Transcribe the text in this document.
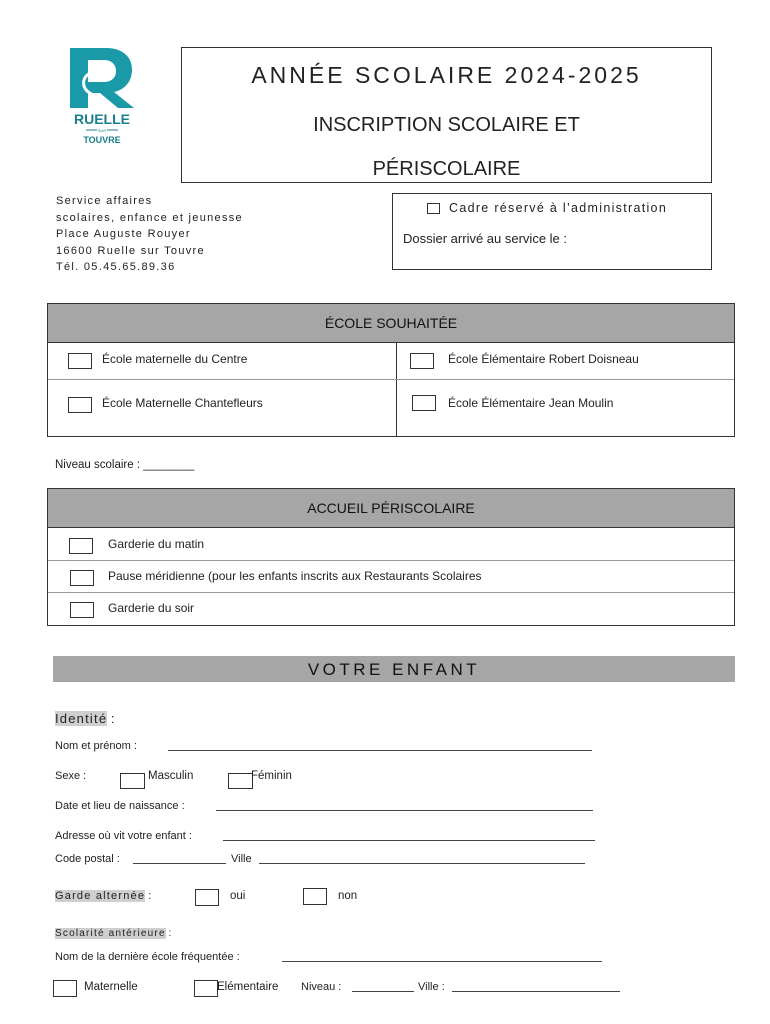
RUELLE
SUR
TOUVRE
ANNÉE SCOLAIRE 2024-2025
INSCRIPTION SCOLAIRE ET
PÉRISCOLAIRE
Service affaires
scolaires, enfance et jeunesse
Place Auguste Rouyer
16600 Ruelle sur Touvre
Tél. 05.45.65.89.36
Cadre réservé à l’administration
Dossier arrivé au service le :
ÉCOLE SOUHAITÉE
École maternelle du Centre	École Élémentaire Robert Doisneau
École Maternelle Chantefleurs	École Élémentaire Jean Moulin
Niveau scolaire : ________
ACCUEIL PÉRISCOLAIRE
Garderie du matin
Pause méridienne (pour les enfants inscrits aux Restaurants Scolaires
Garderie du soir
VOTRE ENFANT
Identité :
Nom et prénom :
Sexe :	Masculin	Féminin
Date et lieu de naissance :
Adresse où vit votre enfant :
Code postal :	Ville
Garde alternée :	oui	non
Scolarité antérieure :
Nom de la dernière école fréquentée :
Maternelle	Elémentaire Niveau :	Ville :
